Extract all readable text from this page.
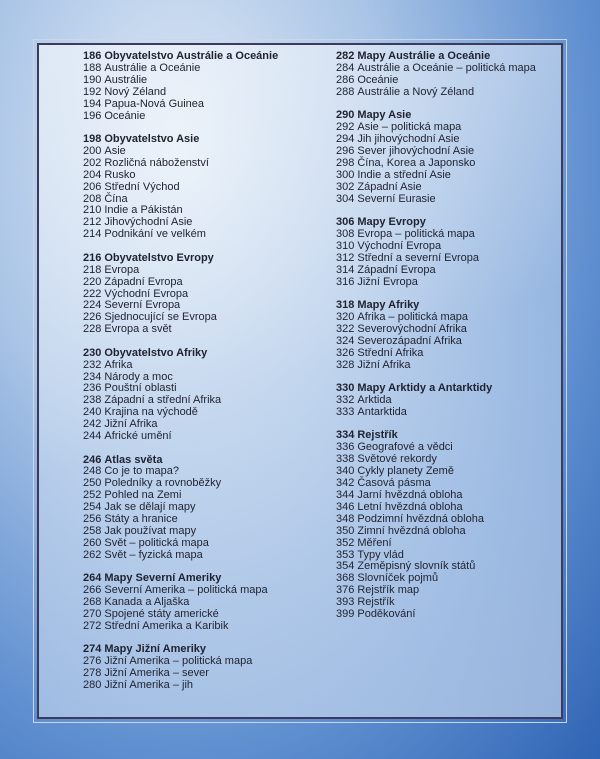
186 Obyvatelstvo Austrálie a Oceánie
188 Austrálie a Oceánie
190 Austrálie
192 Nový Zéland
194 Papua-Nová Guinea
196 Oceánie
198 Obyvatelstvo Asie
200 Asie
202 Rozličná náboženství
204 Rusko
206 Střední Východ
208 Čína
210 Indie a Pákistán
212 Jihovýchodní Asie
214 Podnikání ve velkém
216 Obyvatelstvo Evropy
218 Evropa
220 Západní Evropa
222 Východní Evropa
224 Severní Evropa
226 Sjednocující se Evropa
228 Evropa a svět
230 Obyvatelstvo Afriky
232 Afrika
234 Národy a moc
236 Pouštní oblasti
238 Západní a střední Afrika
240 Krajina na východě
242 Jižní Afrika
244 Africké umění
246 Atlas světa
248 Co je to mapa?
250 Poledníky a rovnoběžky
252 Pohled na Zemi
254 Jak se dělají mapy
256 Státy a hranice
258 Jak používat mapy
260 Svět – politická mapa
262 Svět – fyzická mapa
264 Mapy Severní Ameriky
266 Severní Amerika – politická mapa
268 Kanada a Aljaška
270 Spojené státy americké
272 Střední Amerika a Karibik
274 Mapy Jižní Ameriky
276 Jižní Amerika – politická mapa
278 Jižní Amerika – sever
280 Jižní Amerika – jih
282 Mapy Austrálie a Oceánie
284 Austrálie a Oceánie – politická mapa
286 Oceánie
288 Austrálie a Nový Zéland
290 Mapy Asie
292 Asie – politická mapa
294 Jih jihovýchodní Asie
296 Sever jihovýchodní Asie
298 Čína, Korea a Japonsko
300 Indie a střední Asie
302 Západní Asie
304 Severní Eurasie
306 Mapy Evropy
308 Evropa – politická mapa
310 Východní Evropa
312 Střední a severní Evropa
314 Západní Evropa
316 Jižní Evropa
318 Mapy Afriky
320 Afrika – politická mapa
322 Severovýchodní Afrika
324 Severozápadní Afrika
326 Střední Afrika
328 Jižní Afrika
330 Mapy Arktidy a Antarktidy
332 Arktida
333 Antarktida
334 Rejstřík
336 Geografové a vědci
338 Světové rekordy
340 Cykly planety Země
342 Časová pásma
344 Jarní hvězdná obloha
346 Letní hvězdná obloha
348 Podzimní hvězdná obloha
350 Zimní hvězdná obloha
352 Měření
353 Typy vlád
354 Zeměpisný slovník států
368 Slovníček pojmů
376 Rejstřík map
393 Rejstřík
399 Poděkování
